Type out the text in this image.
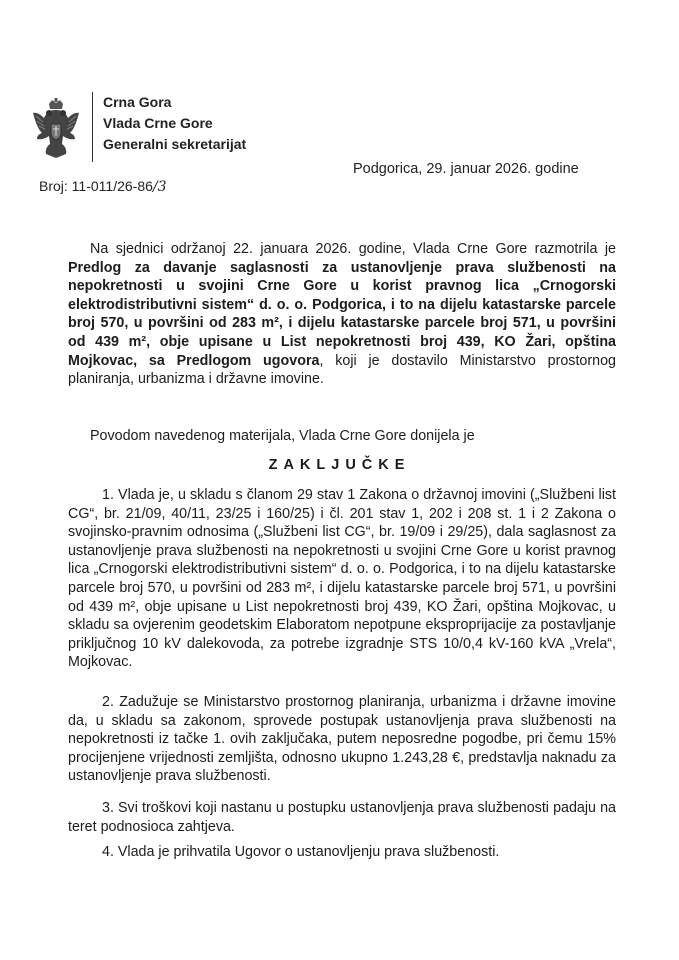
Crna Gora
Vlada Crne Gore
Generalni sekretarijat
Podgorica, 29. januar 2026. godine
Broj: 11-011/26-86/3
Na sjednici održanoj 22. januara 2026. godine, Vlada Crne Gore razmotrila je Predlog za davanje saglasnosti za ustanovljenje prava službenosti na nepokretnosti u svojini Crne Gore u korist pravnog lica „Crnogorski elektrodistributivni sistem“ d. o. o. Podgorica, i to na dijelu katastarske parcele broj 570, u površini od 283 m², i dijelu katastarske parcele broj 571, u površini od 439 m², obje upisane u List nepokretnosti broj 439, KO Žari, opština Mojkovac, sa Predlogom ugovora, koji je dostavilo Ministarstvo prostornog planiranja, urbanizma i državne imovine.
Povodom navedenog materijala, Vlada Crne Gore donijela je
ZAKLJUČKE
1. Vlada je, u skladu s članom 29 stav 1 Zakona o državnoj imovini („Službeni list CG“, br. 21/09, 40/11, 23/25 i 160/25) i čl. 201 stav 1, 202 i 208 st. 1 i 2 Zakona o svojinsko-pravnim odnosima („Službeni list CG“, br. 19/09 i 29/25), dala saglasnost za ustanovljenje prava službenosti na nepokretnosti u svojini Crne Gore u korist pravnog lica „Crnogorski elektrodistributivni sistem“ d. o. o. Podgorica, i to na dijelu katastarske parcele broj 570, u površini od 283 m², i dijelu katastarske parcele broj 571, u površini od 439 m², obje upisane u List nepokretnosti broj 439, KO Žari, opština Mojkovac, u skladu sa ovjerenim geodetskim Elaboratom nepotpune eksproprijacije za postavljanje priključnog 10 kV dalekovoda, za potrebe izgradnje STS 10/0,4 kV-160 kVA „Vrela“, Mojkovac.
2. Zadužuje se Ministarstvo prostornog planiranja, urbanizma i državne imovine da, u skladu sa zakonom, sprovede postupak ustanovljenja prava službenosti na nepokretnosti iz tačke 1. ovih zaključaka, putem neposredne pogodbe, pri čemu 15% procijenjene vrijednosti zemljišta, odnosno ukupno 1.243,28 €, predstavlja naknadu za ustanovljenje prava službenosti.
3. Svi troškovi koji nastanu u postupku ustanovljenja prava službenosti padaju na teret podnosioca zahtjeva.
4. Vlada je prihvatila Ugovor o ustanovljenju prava službenosti.
